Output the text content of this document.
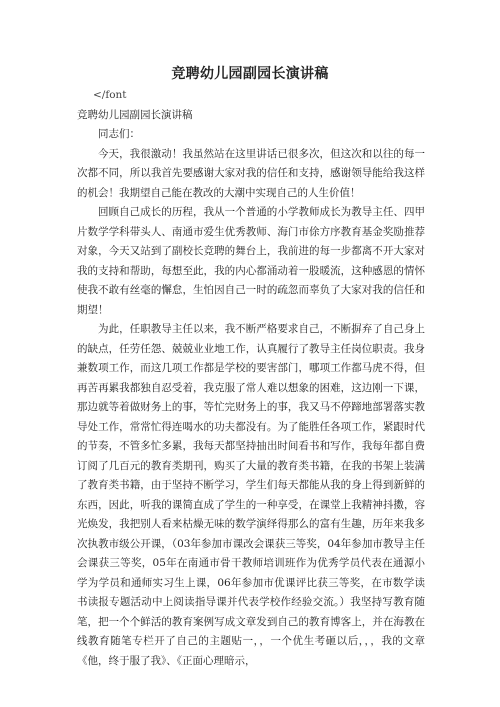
竞聘幼儿园副园长演讲稿

</font

竞聘幼儿园副园长演讲稿

同志们：

今天，我很激动！我虽然站在这里讲话已很多次，但这次和以往的每一次都不同，所以我首先要感谢大家对我的信任和支持，感谢领导能给我这样的机会！我期望自己能在教改的大潮中实现自己的人生价值！

回顾自己成长的历程，我从一个普通的小学教师成长为教导主任、四甲片数学学科带头人、南通市爱生优秀教师、海门市俆方序教育基金奖励推荐对象，今天又站到了副校长竞聘的舞台上，我前进的每一步都离不开大家对我的支持和帮助，每想至此，我的内心都涌动着一股暖流，这种感恩的情怀使我不敢有丝毫的懈怠，生怕因自己一时的疏忽而辜负了大家对我的信任和期望！

为此，任职教导主任以来，我不断严格要求自己，不断摒弃了自己身上的缺点，任劳任怨、兢兢业业地工作，认真履行了教导主任岗位职责。我身兼数项工作，而这几项工作都是学校的要害部门，哪项工作都马虎不得，但再苦再累我都独自忍受着，我克服了常人难以想象的困难，这边刚一下课，那边就等着做财务上的事，等忙完财务上的事，我又马不停蹄地部署落实教导处工作，常常忙得连喝水的功夫都没有。为了能胜任各项工作，紧跟时代的节奏，不管多忙多累，我每天都坚持抽出时间看书和写作，我每年都自费订阅了几百元的教育类期刊，购买了大量的教育类书籍，在我的书架上装满了教育类书籍，由于坚持不断学习，学生们每天都能从我的身上得到新鲜的东西，因此，听我的课简直成了学生的一种享受，在课堂上我精神抖擞，容光焕发，我把别人看来枯燥无味的数学演绎得那么的富有生趣，历年来我多次执教市级公开课，（03年参加市课改会课获三等奖，04年参加市教导主任会课获三等奖，05年在南通市骨干教师培训班作为优秀学员代表在通源小学为学员和通师实习生上课，06年参加市优课评比获三等奖，在市数学读书读报专题活动中上阅读指导课并代表学校作经验交流。）我坚持写教育随笔，把一个个鲜活的教育案例写成文章发到自己的教育博客上，并在海教在线教育随笔专栏开了自己的主题贴一，，一个优生考砸以后，，，我的文章《他，终于服了我》、《正面心理暗示，
